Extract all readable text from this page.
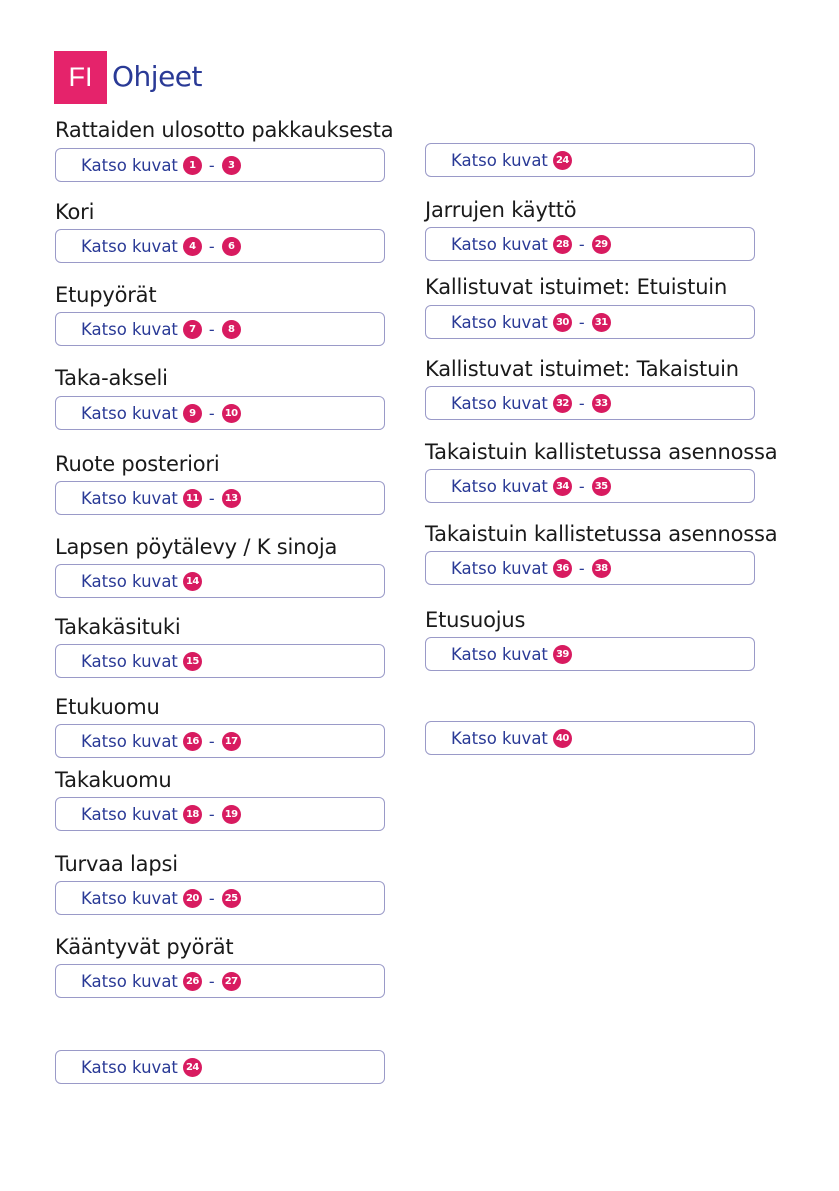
FI Ohjeet
Rattaiden ulosotto pakkauksesta
Katso kuvat	1 -	3
Kori
Katso kuvat	4 -	6
Etupyörät
Katso kuvat	7 -	8
Taka-akseli
Katso kuvat	9 -	10
Ruote posteriori
Katso kuvat 11 -	13
Lapsen pöytälevy / K sinoja
Katso kuvat 14
Takakäsituki
Katso kuvat 15
Etukuomu
Katso kuvat 16 -	17
Takakuomu
Katso kuvat 18 -	19
Turvaa lapsi
Katso kuvat 20 -	25
Kääntyvät pyörät
Katso kuvat 26 -	27
Katso kuvat 24
Katso kuvat 24
Jarrujen käyttö
Katso kuvat 28 -	29
Kallistuvat istuimet: Etuistuin
Katso kuvat 30 -	31
Kallistuvat istuimet: Takaistuin
Katso kuvat 32 -	33
Takaistuin kallistetussa asennossa
Katso kuvat 34 -	35
Takaistuin kallistetussa asennossa
Katso kuvat 36 -	38
Etusuojus
Katso kuvat 39
Katso kuvat 40
